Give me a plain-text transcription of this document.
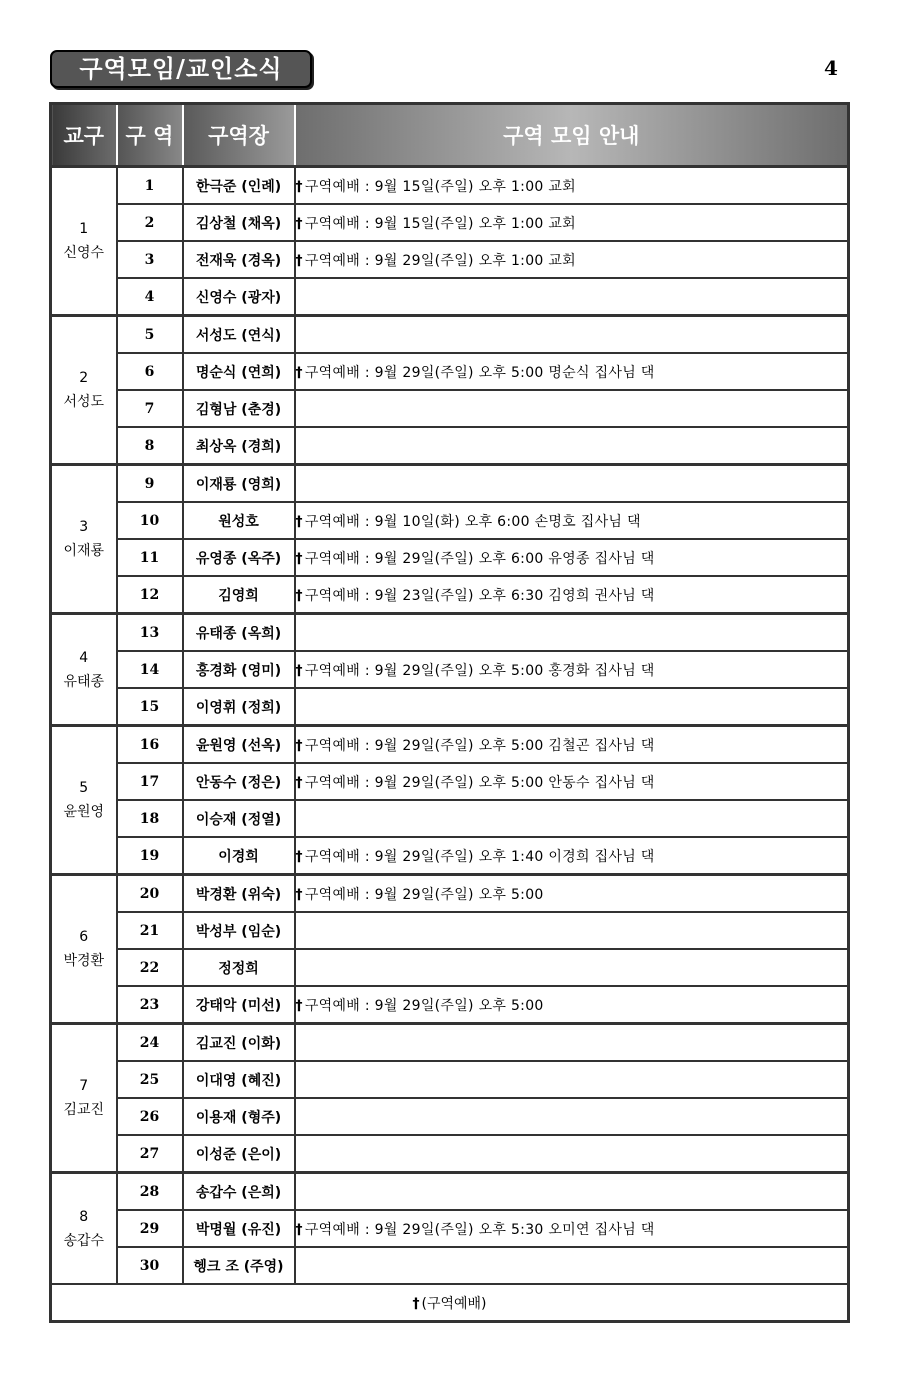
구역모임/교인소식	4
교구	구 역	구역장	구역 모임 안내

1
신영수	1	한극준 (인례)	† 구역예배 : 9월 15일(주일) 오후 1:00 교회
	2	김상철 (채옥)	† 구역예배 : 9월 15일(주일) 오후 1:00 교회
	3	전재욱 (경옥)	† 구역예배 : 9월 29일(주일) 오후 1:00 교회
	4	신영수 (광자)	

2
서성도	5	서성도 (연식)	
	6	명순식 (연희)	† 구역예배 : 9월 29일(주일) 오후 5:00 명순식 집사님 댁
	7	김형남 (춘경)	
	8	최상옥 (경희)	

3
이재룡	9	이재룡 (영희)	
	10	원성호	† 구역예배 : 9월 10일(화) 오후 6:00 손명호 집사님 댁
	11	유영종 (옥주)	† 구역예배 : 9월 29일(주일) 오후 6:00 유영종 집사님 댁
	12	김영희	† 구역예배 : 9월 23일(주일) 오후 6:30 김영희 권사님 댁

4
유태종	13	유태종 (옥희)	
	14	홍경화 (영미)	† 구역예배 : 9월 29일(주일) 오후 5:00 홍경화 집사님 댁
	15	이영휘 (정희)	

5
윤원영	16	윤원영 (선옥)	† 구역예배 : 9월 29일(주일) 오후 5:00 김철곤 집사님 댁
	17	안동수 (정은)	† 구역예배 : 9월 29일(주일) 오후 5:00 안동수 집사님 댁
	18	이승재 (정열)	
	19	이경희	† 구역예배 : 9월 29일(주일) 오후 1:40 이경희 집사님 댁

6
박경환	20	박경환 (위숙)	† 구역예배 : 9월 29일(주일) 오후 5:00
	21	박성부 (임순)	
	22	정정희	
	23	강태악 (미선)	† 구역예배 : 9월 29일(주일) 오후 5:00

7
김교진	24	김교진 (이화)	
	25	이대영 (혜진)	
	26	이용재 (형주)	
	27	이성준 (은이)	

8
송갑수	28	송갑수 (은희)	
	29	박명월 (유진)	† 구역예배 : 9월 29일(주일) 오후 5:30 오미연 집사님 댁
	30	헹크 조 (주영)	
† (구역예배)			
